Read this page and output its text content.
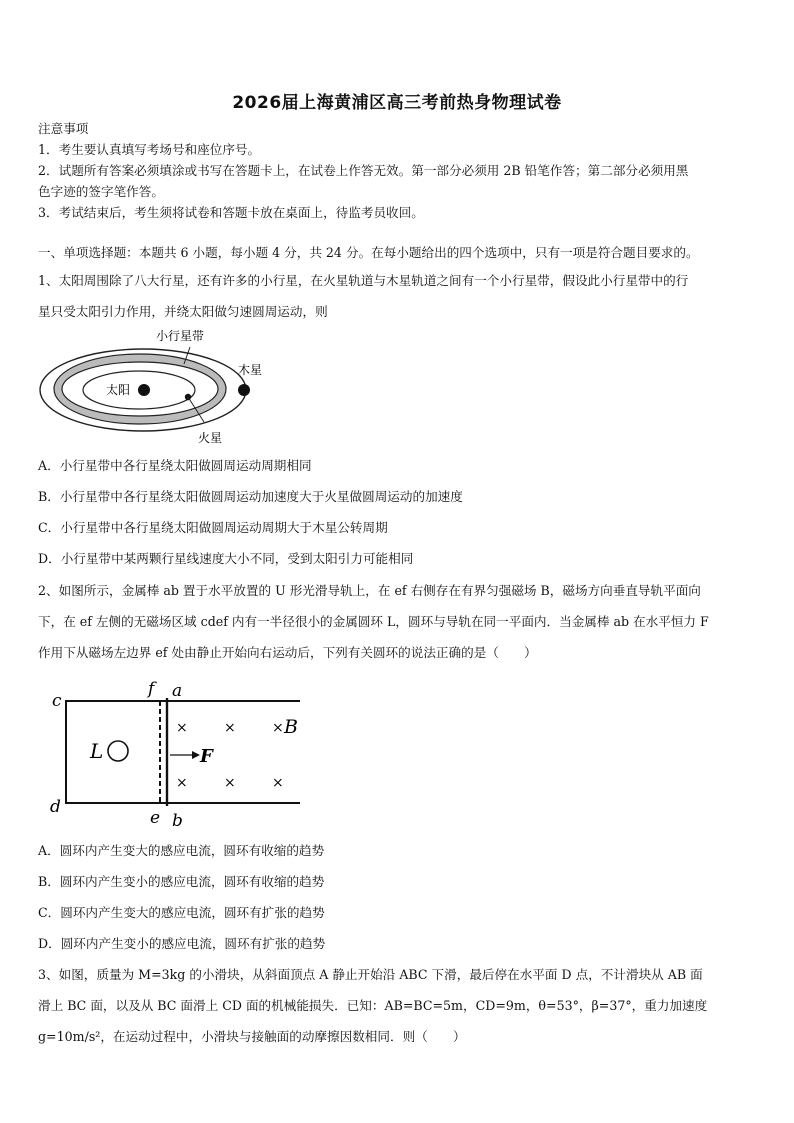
2026届上海黄浦区高三考前热身物理试卷
注意事项
1．考生要认真填写考场号和座位序号。
2．试题所有答案必须填涂或书写在答题卡上，在试卷上作答无效。第一部分必须用 2B 铅笔作答；第二部分必须用黑
色字迹的签字笔作答。
3．考试结束后，考生须将试卷和答题卡放在桌面上，待监考员收回。
一、单项选择题：本题共 6 小题，每小题 4 分，共 24 分。在每小题给出的四个选项中，只有一项是符合题目要求的。
1、太阳周围除了八大行星，还有许多的小行星，在火星轨道与木星轨道之间有一个小行星带，假设此小行星带中的行
星只受太阳引力作用，并绕太阳做匀速圆周运动，则
小行星带
太阳
木星
火星
A．小行星带中各行星绕太阳做圆周运动周期相同
B．小行星带中各行星绕太阳做圆周运动加速度大于火星做圆周运动的加速度
C．小行星带中各行星绕太阳做圆周运动周期大于木星公转周期
D．小行星带中某两颗行星线速度大小不同，受到太阳引力可能相同
2、如图所示，金属棒 ab 置于水平放置的 U 形光滑导轨上，在 ef 右侧存在有界匀强磁场 B，磁场方向垂直导轨平面向
下，在 ef 左侧的无磁场区域 cdef 内有一半径很小的金属圆环 L，圆环与导轨在同一平面内．当金属棒 ab 在水平恒力 F
作用下从磁场左边界 ef 处由静止开始向右运动后，下列有关圆环的说法正确的是（　　）
c
d
f a
e b
L	F
B
×	×	×
×	×	×
A．圆环内产生变大的感应电流，圆环有收缩的趋势
B．圆环内产生变小的感应电流，圆环有收缩的趋势
C．圆环内产生变大的感应电流，圆环有扩张的趋势
D．圆环内产生变小的感应电流，圆环有扩张的趋势
3、如图，质量为 M=3kg 的小滑块，从斜面顶点 A 静止开始沿 ABC 下滑，最后停在水平面 D 点，不计滑块从 AB 面
滑上 BC 面，以及从 BC 面滑上 CD 面的机械能损失．已知：AB=BC=5m，CD=9m，θ=53°，β=37°，重力加速度
g=10m/s²，在运动过程中，小滑块与接触面的动摩擦因数相同．则（　　）
